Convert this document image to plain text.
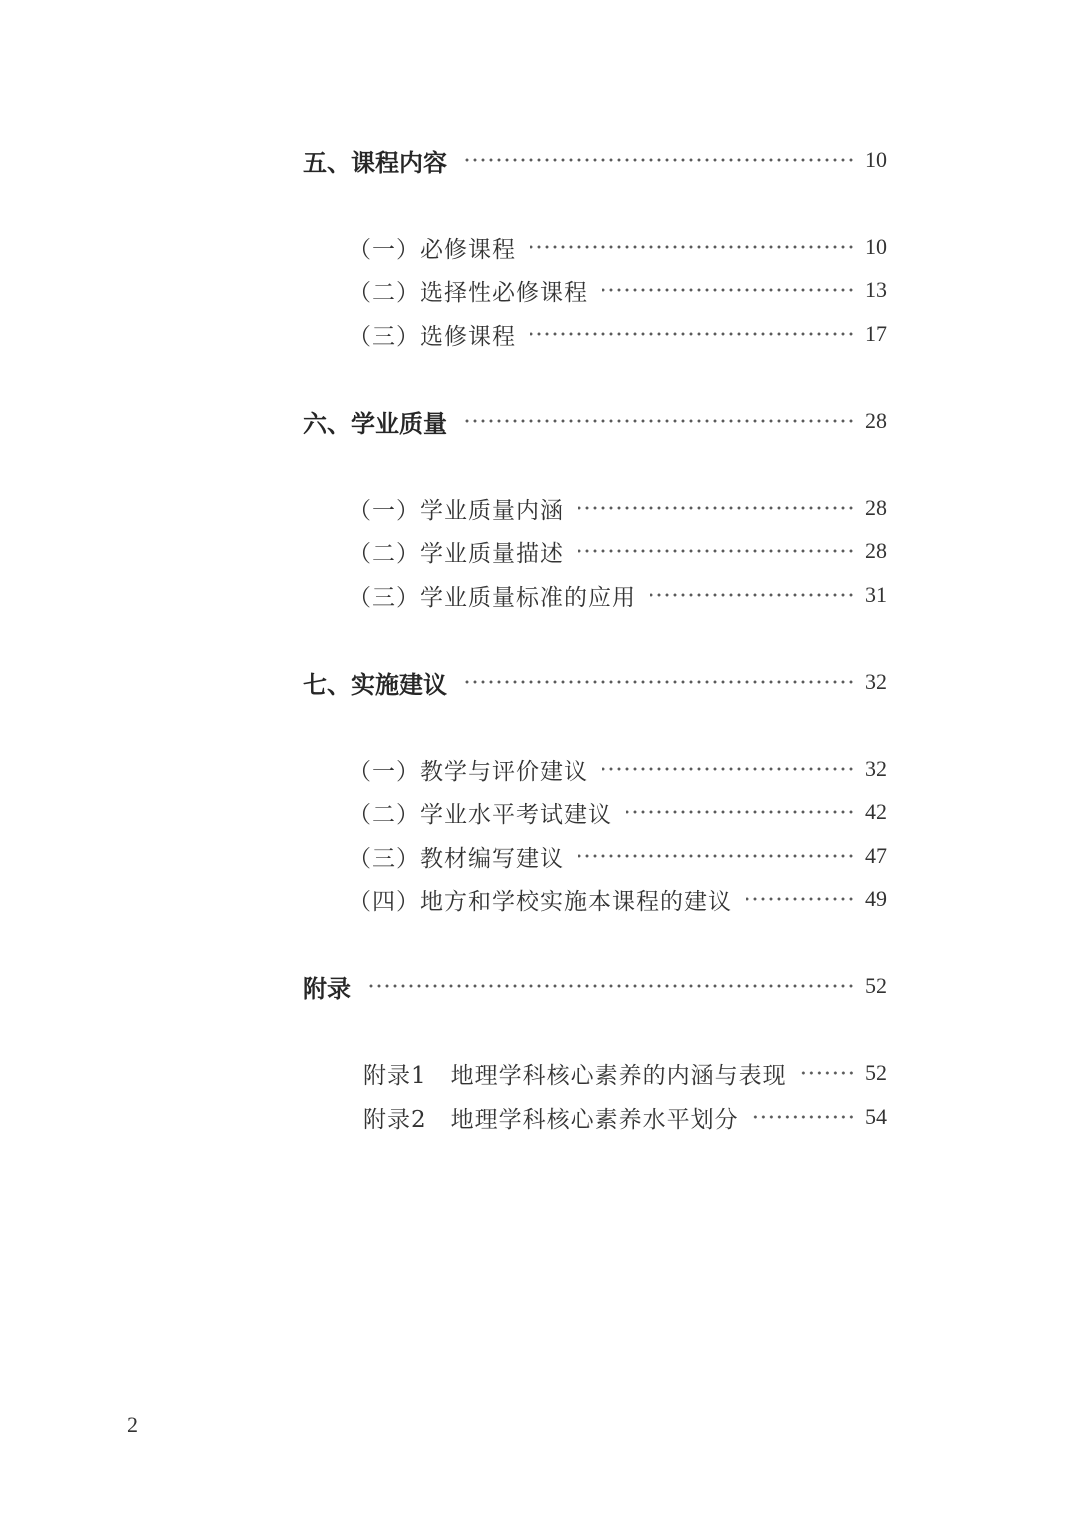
五、课程内容	10
（一）必修课程	10
（二）选择性必修课程	13
（三）选修课程	17
六、学业质量	28
（一）学业质量内涵	28
（二）学业质量描述	28
（三）学业质量标准的应用	31
七、实施建议	32
（一）教学与评价建议	32
（二）学业水平考试建议	42
（三）教材编写建议	47
（四）地方和学校实施本课程的建议	49
附录	52
附录1　地理学科核心素养的内涵与表现	52
附录2　地理学科核心素养水平划分	54
2
